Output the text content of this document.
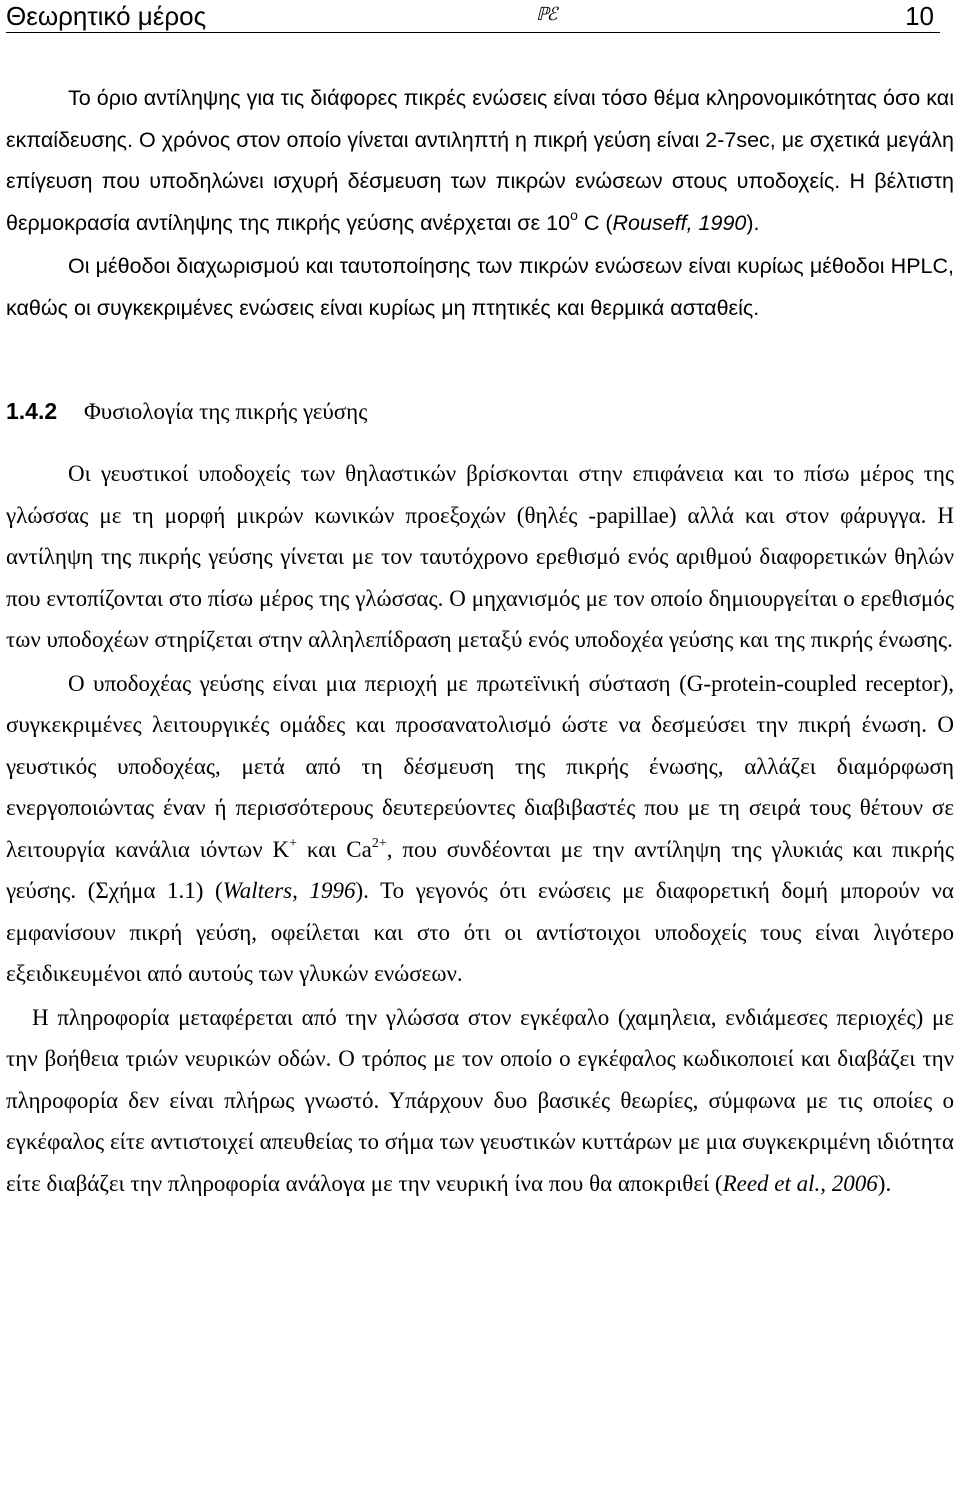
Θεωρητικό μέρος	ℙℰ	10

Το όριο αντίληψης για τις διάφορες πικρές ενώσεις είναι τόσο θέμα κληρονομικότητας όσο και εκπαίδευσης. Ο χρόνος στον οποίο γίνεται αντιληπτή η πικρή γεύση είναι 2-7sec, με σχετικά μεγάλη επίγευση που υποδηλώνει ισχυρή δέσμευση των πικρών ενώσεων στους υποδοχείς. Η βέλτιστη θερμοκρασία αντίληψης της πικρής γεύσης ανέρχεται σε $10^o$ C (Rouseff, 1990).

Οι μέθοδοι διαχωρισμού και ταυτοποίησης των πικρών ενώσεων είναι κυρίως μέθοδοι HPLC, καθώς οι συγκεκριμένες ενώσεις είναι κυρίως μη πτητικές και θερμικά ασταθείς.

1.4.2 Φυσιολογία της πικρής γεύσης

Οι γευστικοί υποδοχείς των θηλαστικών βρίσκονται στην επιφάνεια και το πίσω μέρος της γλώσσας με τη μορφή μικρών κωνικών προεξοχών (θηλές -papillae) αλλά και στον φάρυγγα. Η αντίληψη της πικρής γεύσης γίνεται με τον ταυτόχρονο ερεθισμό ενός αριθμού διαφορετικών θηλών που εντοπίζονται στο πίσω μέρος της γλώσσας. Ο μηχανισμός με τον οποίο δημιουργείται ο ερεθισμός των υποδοχέων στηρίζεται στην αλληλεπίδραση μεταξύ ενός υποδοχέα γεύσης και της πικρής ένωσης.

Ο υποδοχέας γεύσης είναι μια περιοχή με πρωτεϊνική σύσταση (G-protein-coupled receptor), συγκεκριμένες λειτουργικές ομάδες και προσανατολισμό ώστε να δεσμεύσει την πικρή ένωση. Ο γευστικός υποδοχέας, μετά από τη δέσμευση της πικρής ένωσης, αλλάζει διαμόρφωση ενεργοποιώντας έναν ή περισσότερους δευτερεύοντες διαβιβαστές που με τη σειρά τους θέτουν σε λειτουργία κανάλια ιόντων K+ και $Ca^{2+}$, που συνδέονται με την αντίληψη της γλυκιάς και πικρής γεύσης. (Σχήμα 1.1) (Walters, 1996). Το γεγονός ότι ενώσεις με διαφορετική δομή μπορούν να εμφανίσουν πικρή γεύση, οφείλεται και στο ότι οι αντίστοιχοι υποδοχείς τους είναι λιγότερο εξειδικευμένοι από αυτούς των γλυκών ενώσεων.

Η πληροφορία μεταφέρεται από την γλώσσα στον εγκέφαλο (χαμηλεια, ενδιάμεσες περιοχές) με την βοήθεια τριών νευρικών οδών. Ο τρόπος με τον οποίο ο εγκέφαλος κωδικοποιεί και διαβάζει την πληροφορία δεν είναι πλήρως γνωστό. Υπάρχουν δυο βασικές θεωρίες, σύμφωνα με τις οποίες ο εγκέφαλος είτε αντιστοιχεί απευθείας το σήμα των γευστικών κυττάρων με μια συγκεκριμένη ιδιότητα είτε διαβάζει την πληροφορία ανάλογα με την νευρική ίνα που θα αποκριθεί (Reed et al., 2006).
